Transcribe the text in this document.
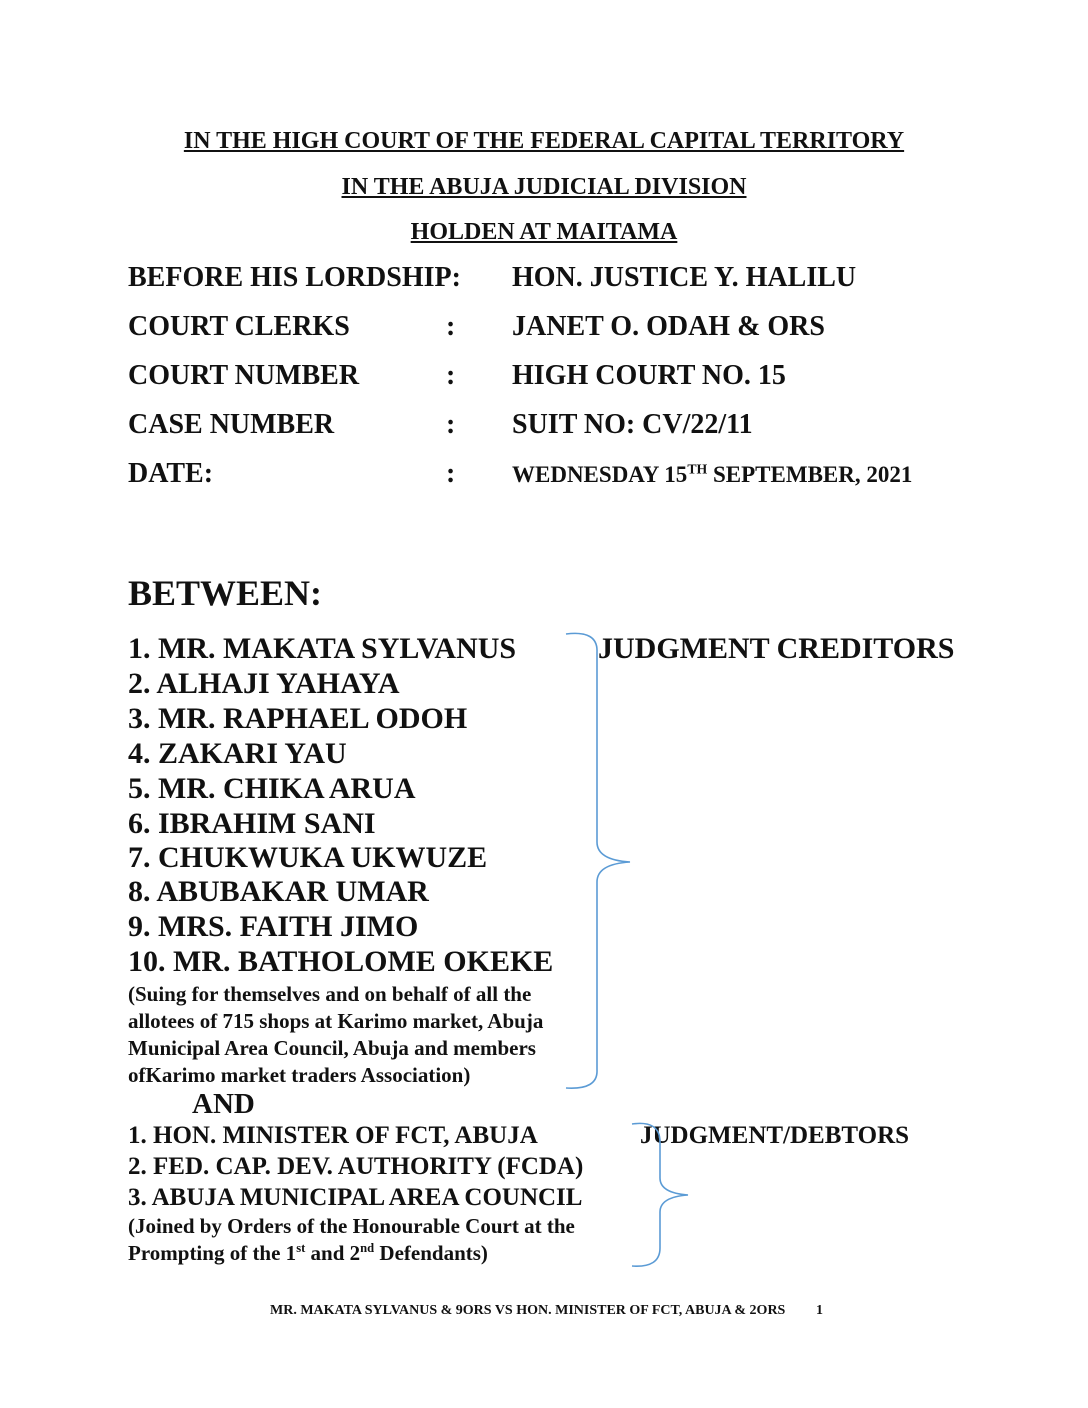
IN THE HIGH COURT OF THE FEDERAL CAPITAL TERRITORY
IN THE ABUJA JUDICIAL DIVISION
HOLDEN AT MAITAMA
BEFORE HIS LORDSHIP: HON. JUSTICE Y. HALILU
COURT CLERKS	: JANET O. ODAH & ORS
COURT NUMBER	: HIGH COURT NO. 15
CASE NUMBER	: SUIT NO: CV/22/11
DATE:	: WEDNESDAY 15TH SEPTEMBER, 2021
BETWEEN:
JUDGMENT CREDITORS
1. MR. MAKATA SYLVANUS
2. ALHAJI YAHAYA
3. MR. RAPHAEL ODOH
4. ZAKARI YAU
5. MR. CHIKA ARUA
6. IBRAHIM SANI
7. CHUKWUKA UKWUZE
8. ABUBAKAR UMAR
9. MRS. FAITH JIMO
10. MR. BATHOLOME OKEKE
(Suing for themselves and on behalf of all the allotees of 715 shops at Karimo market, Abuja Municipal Area Council, Abuja and members ofKarimo market traders Association)
AND
JUDGMENT/DEBTORS
1. HON. MINISTER OF FCT, ABUJA
2. FED. CAP. DEV. AUTHORITY (FCDA)
3. ABUJA MUNICIPAL AREA COUNCIL
(Joined by Orders of the Honourable Court at the
Prompting of the 1st and 2nd Defendants)
MR. MAKATA SYLVANUS & 9ORS VS HON. MINISTER OF FCT, ABUJA & 2ORS 1
